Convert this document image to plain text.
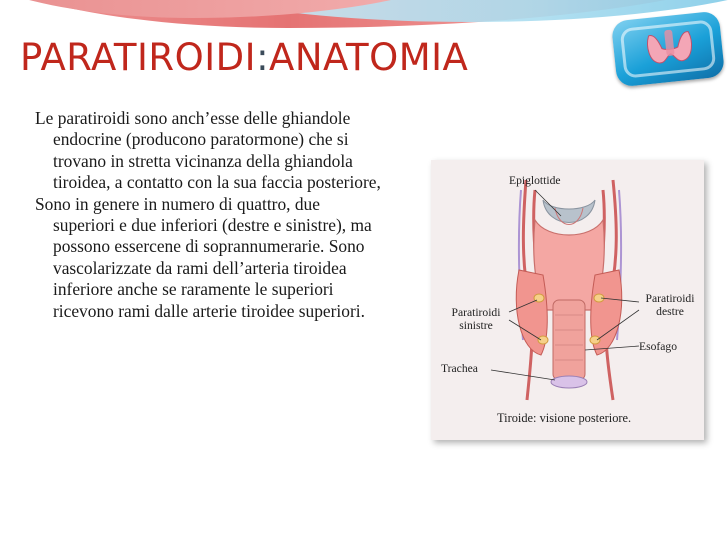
PARATIROIDI:ANATOMIA

Le paratiroidi sono anch’esse delle ghiandole endocrine (producono paratormone) che si trovano in stretta vicinanza della ghiandola tiroidea, a contatto con la sua faccia posteriore,

Sono in genere in numero di quattro, due superiori e due inferiori (destre e sinistre), ma possono essercene di soprannumerarie. Sono vascolarizzate da rami dell’arteria tiroidea inferiore anche se raramente le superiori ricevono rami dalle arterie tiroidee superiori.

Epiglottide
Paratiroidi
sinistre
Paratiroidi
destre
Esofago
Trachea
Tiroide: visione posteriore.
